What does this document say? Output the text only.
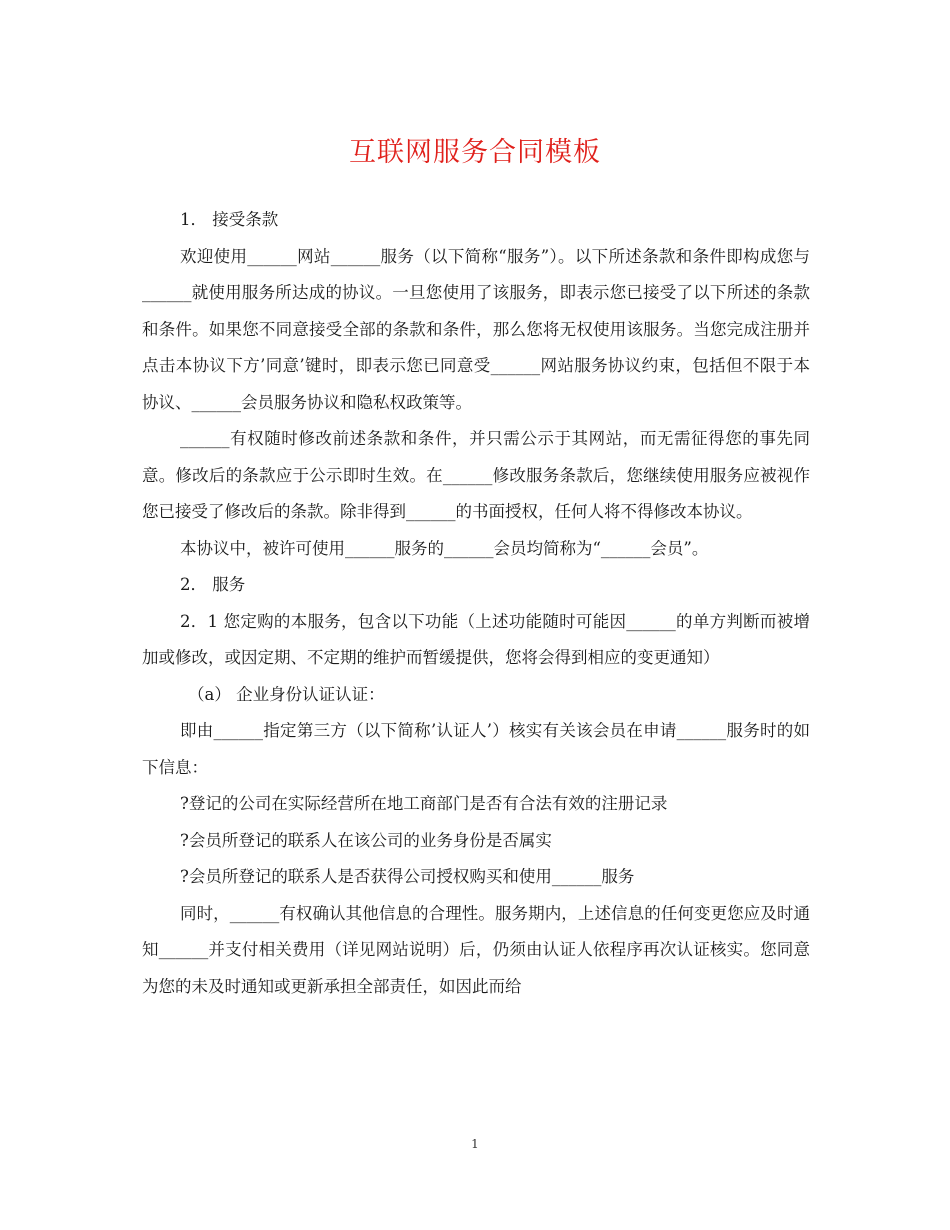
互联网服务合同模板

1． 接受条款

欢迎使用______网站______服务（以下简称“服务”）。以下所述条款和条件即构成您与______就使用服务所达成的协议。一旦您使用了该服务，即表示您已接受了以下所述的条款和条件。如果您不同意接受全部的条款和条件，那么您将无权使用该服务。当您完成注册并点击本协议下方’同意’键时，即表示您已同意受______网站服务协议约束，包括但不限于本协议、______会员服务协议和隐私权政策等。

______有权随时修改前述条款和条件，并只需公示于其网站，而无需征得您的事先同意。修改后的条款应于公示即时生效。在______修改服务条款后，您继续使用服务应被视作您已接受了修改后的条款。除非得到______的书面授权，任何人将不得修改本协议。

本协议中，被许可使用______服务的______会员均简称为“______会员”。

2． 服务

2．1 您定购的本服务，包含以下功能（上述功能随时可能因______的单方判断而被增加或修改，或因定期、不定期的维护而暂缓提供，您将会得到相应的变更通知）

（a） 企业身份认证认证：

即由______指定第三方（以下简称’认证人’）核实有关该会员在申请______服务时的如下信息：

?登记的公司在实际经营所在地工商部门是否有合法有效的注册记录

?会员所登记的联系人在该公司的业务身份是否属实

?会员所登记的联系人是否获得公司授权购买和使用______服务

同时，______有权确认其他信息的合理性。服务期内，上述信息的任何变更您应及时通知______并支付相关费用（详见网站说明）后，仍须由认证人依程序再次认证核实。您同意为您的未及时通知或更新承担全部责任，如因此而给

1
